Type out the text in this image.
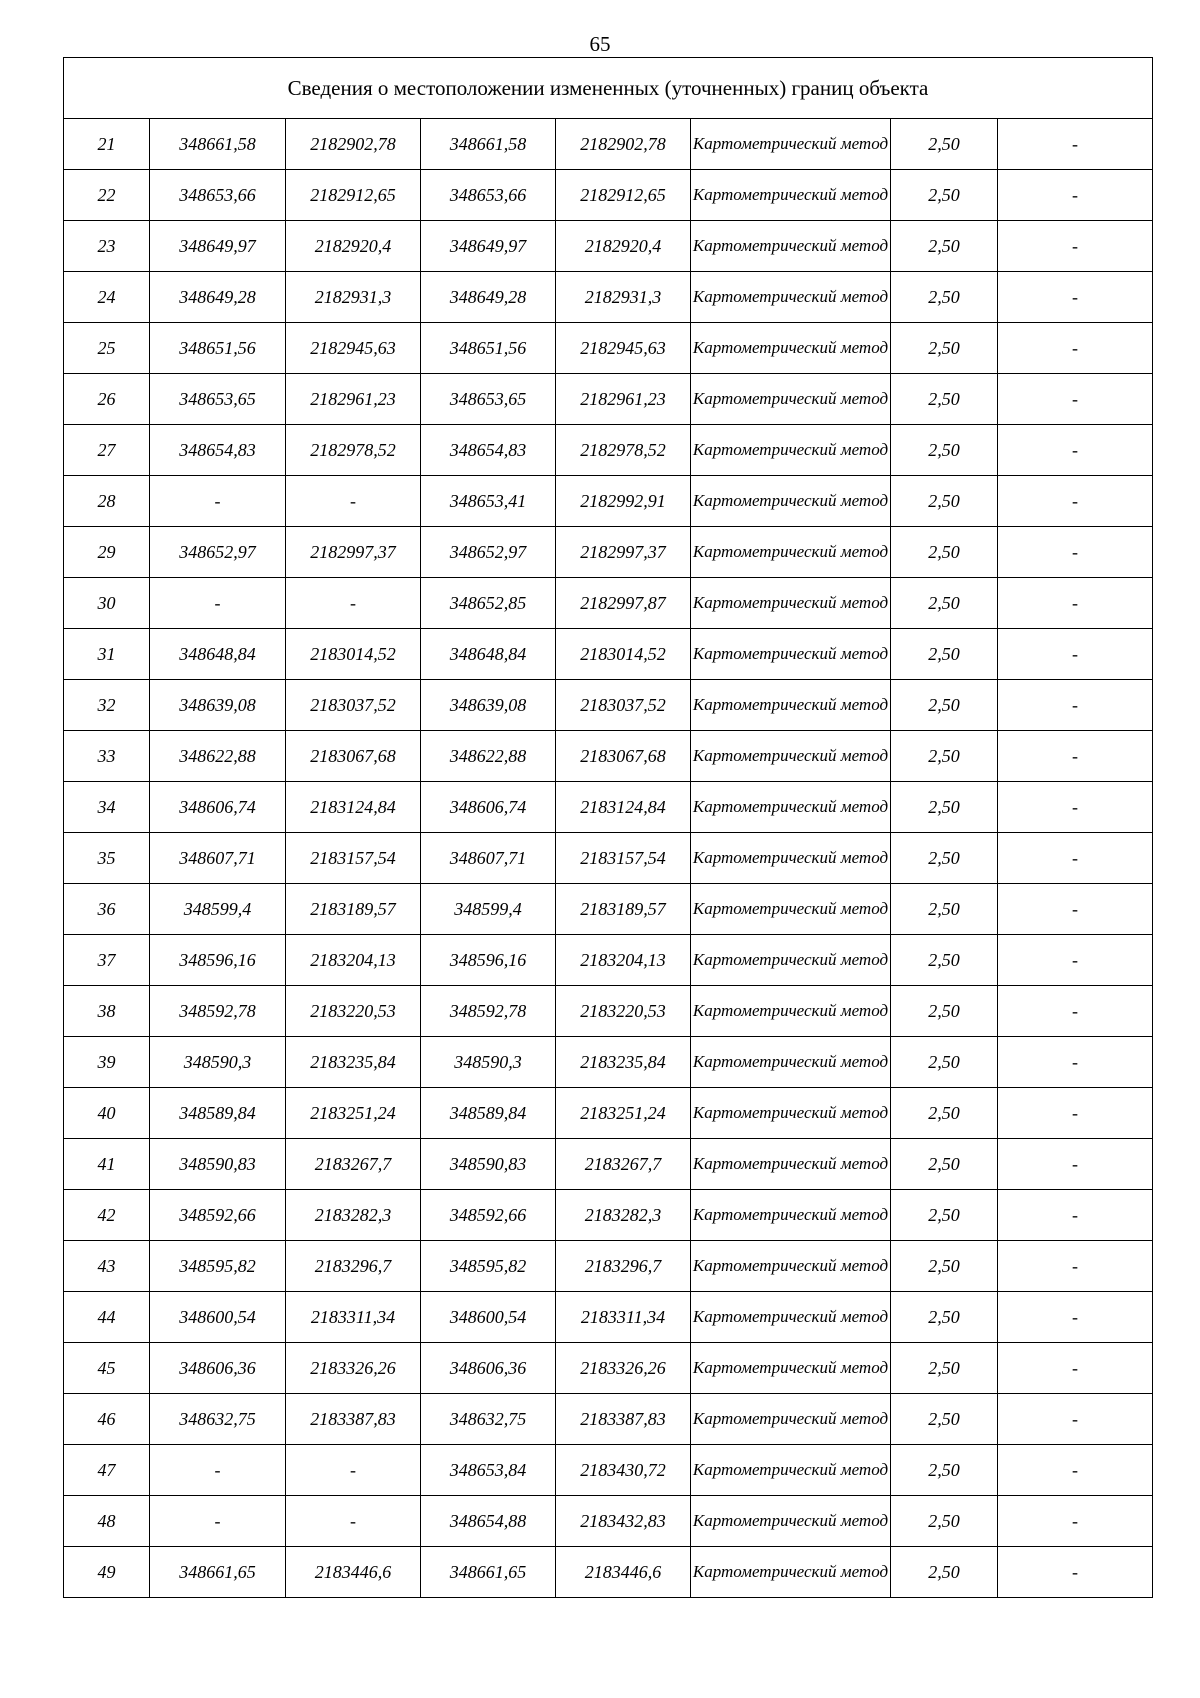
65
Сведения о местоположении измененных (уточненных) границ объекта							
21	348661,58	2182902,78	348661,58	2182902,78	Картометрический метод	2,50	-
22	348653,66	2182912,65	348653,66	2182912,65	Картометрический метод	2,50	-
23	348649,97	2182920,4	348649,97	2182920,4	Картометрический метод	2,50	-
24	348649,28	2182931,3	348649,28	2182931,3	Картометрический метод	2,50	-
25	348651,56	2182945,63	348651,56	2182945,63	Картометрический метод	2,50	-
26	348653,65	2182961,23	348653,65	2182961,23	Картометрический метод	2,50	-
27	348654,83	2182978,52	348654,83	2182978,52	Картометрический метод	2,50	-
28	-	-	348653,41	2182992,91	Картометрический метод	2,50	-
29	348652,97	2182997,37	348652,97	2182997,37	Картометрический метод	2,50	-
30	-	-	348652,85	2182997,87	Картометрический метод	2,50	-
31	348648,84	2183014,52	348648,84	2183014,52	Картометрический метод	2,50	-
32	348639,08	2183037,52	348639,08	2183037,52	Картометрический метод	2,50	-
33	348622,88	2183067,68	348622,88	2183067,68	Картометрический метод	2,50	-
34	348606,74	2183124,84	348606,74	2183124,84	Картометрический метод	2,50	-
35	348607,71	2183157,54	348607,71	2183157,54	Картометрический метод	2,50	-
36	348599,4	2183189,57	348599,4	2183189,57	Картометрический метод	2,50	-
37	348596,16	2183204,13	348596,16	2183204,13	Картометрический метод	2,50	-
38	348592,78	2183220,53	348592,78	2183220,53	Картометрический метод	2,50	-
39	348590,3	2183235,84	348590,3	2183235,84	Картометрический метод	2,50	-
40	348589,84	2183251,24	348589,84	2183251,24	Картометрический метод	2,50	-
41	348590,83	2183267,7	348590,83	2183267,7	Картометрический метод	2,50	-
42	348592,66	2183282,3	348592,66	2183282,3	Картометрический метод	2,50	-
43	348595,82	2183296,7	348595,82	2183296,7	Картометрический метод	2,50	-
44	348600,54	2183311,34	348600,54	2183311,34	Картометрический метод	2,50	-
45	348606,36	2183326,26	348606,36	2183326,26	Картометрический метод	2,50	-
46	348632,75	2183387,83	348632,75	2183387,83	Картометрический метод	2,50	-
47	-	-	348653,84	2183430,72	Картометрический метод	2,50	-
48	-	-	348654,88	2183432,83	Картометрический метод	2,50	-
49	348661,65	2183446,6	348661,65	2183446,6	Картометрический метод	2,50	-
